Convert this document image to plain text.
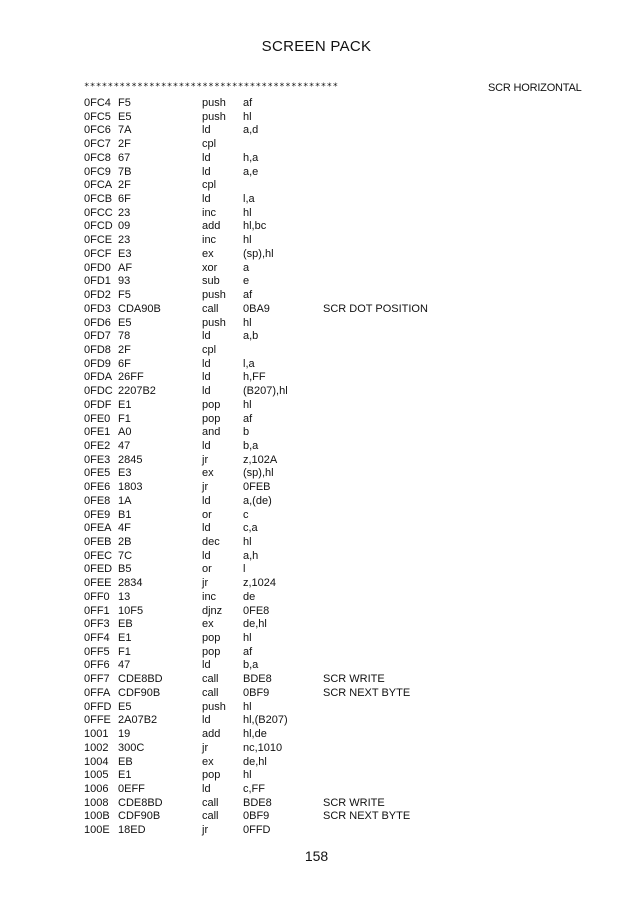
SCREEN PACK
*******************************************	SCR HORIZONTAL
0FC4 F5	push af
0FC5 E5	push hl
0FC6 7A	ld	a,d
0FC7 2F	cpl
0FC8 67	ld	h,a
0FC9 7B	ld	a,e
0FCA 2F	cpl
0FCB 6F	ld	l,a
0FCC 23	inc hl
0FCD 09	add hl,bc
0FCE 23	inc hl
0FCF E3	ex	(sp),hl
0FD0 AF	xor a
0FD1 93	sub e
0FD2 F5	push af
0FD3 CDA90B	call 0BA9	SCR DOT POSITION
0FD6 E5	push hl
0FD7 78	ld	a,b
0FD8 2F	cpl
0FD9 6F	ld	l,a
0FDA 26FF	ld	h,FF
0FDC 2207B2	ld	(B207),hl
0FDF E1	pop hl
0FE0 F1	pop af
0FE1 A0	and b
0FE2 47	ld	b,a
0FE3 2845	jr	z,102A
0FE5 E3	ex	(sp),hl
0FE6 1803	jr	0FEB
0FE8 1A	ld	a,(de)
0FE9 B1	or	c
0FEA 4F	ld	c,a
0FEB 2B	dec hl
0FEC 7C	ld	a,h
0FED B5	or	l
0FEE 2834	jr	z,1024
0FF0 13	inc de
0FF1 10F5	djnz 0FE8
0FF3 EB	ex	de,hl
0FF4 E1	pop hl
0FF5 F1	pop af
0FF6 47	ld	b,a
0FF7 CDE8BD	call BDE8	SCR WRITE
0FFA CDF90B	call 0BF9	SCR NEXT BYTE
0FFD E5	push hl
0FFE 2A07B2	ld	hl,(B207)
1001 19	add hl,de
1002 300C	jr	nc,1010
1004 EB	ex	de,hl
1005 E1	pop hl
1006 0EFF	ld	c,FF
1008 CDE8BD	call BDE8	SCR WRITE
100B CDF90B	call 0BF9	SCR NEXT BYTE
100E 18ED	jr	0FFD
158
